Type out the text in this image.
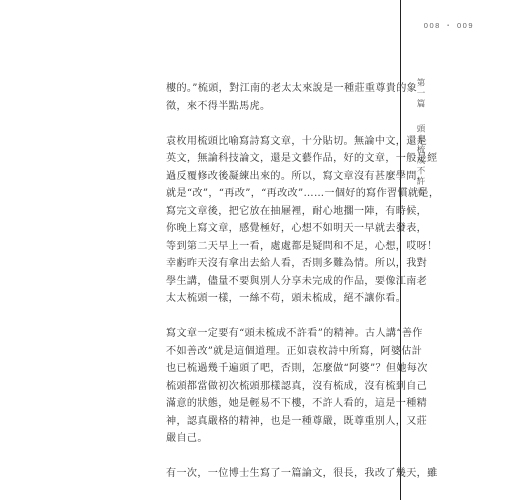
008 ・ 009
第一篇
頭未梳成不許看

樓的。”梳頭，對江南的老太太來說是一種莊重尊貴的象
徵，來不得半點馬虎。

袁枚用梳頭比喻寫詩寫文章，十分貼切。無論中文，還是
英文，無論科技論文，還是文藝作品，好的文章，一般是經
過反覆修改後凝練出來的。所以，寫文章沒有甚麼學問，
就是“改”，“再改”，“再改改”……一個好的寫作習慣就是，
寫完文章後，把它放在抽屜裡，耐心地擱一陣，有時候，
你晚上寫文章，感覺極好，心想不如明天一早就去發表，
等到第二天早上一看，處處都是疑問和不足，心想，哎呀！
幸虧昨天沒有拿出去給人看，否則多難為情。所以，我對
學生講，儘量不要與別人分享未完成的作品，要像江南老
太太梳頭一樣，一絲不苟，頭未梳成，絕不讓你看。

寫文章一定要有“頭未梳成不許看”的精神。古人講“善作
不如善改”就是這個道理。正如袁枚詩中所寫，阿婆估計
也已梳過幾千遍頭了吧，否則，怎麼做“阿婆”？但她每次
梳頭都當做初次梳頭那樣認真，沒有梳成，沒有梳到自己
滿意的狀態，她是輕易不下樓，不許人看的，這是一種精
神，認真嚴格的精神，也是一種尊嚴，既尊重別人，又莊
嚴自己。

有一次，一位博士生寫了一篇論文，很長，我改了幾天，雖
